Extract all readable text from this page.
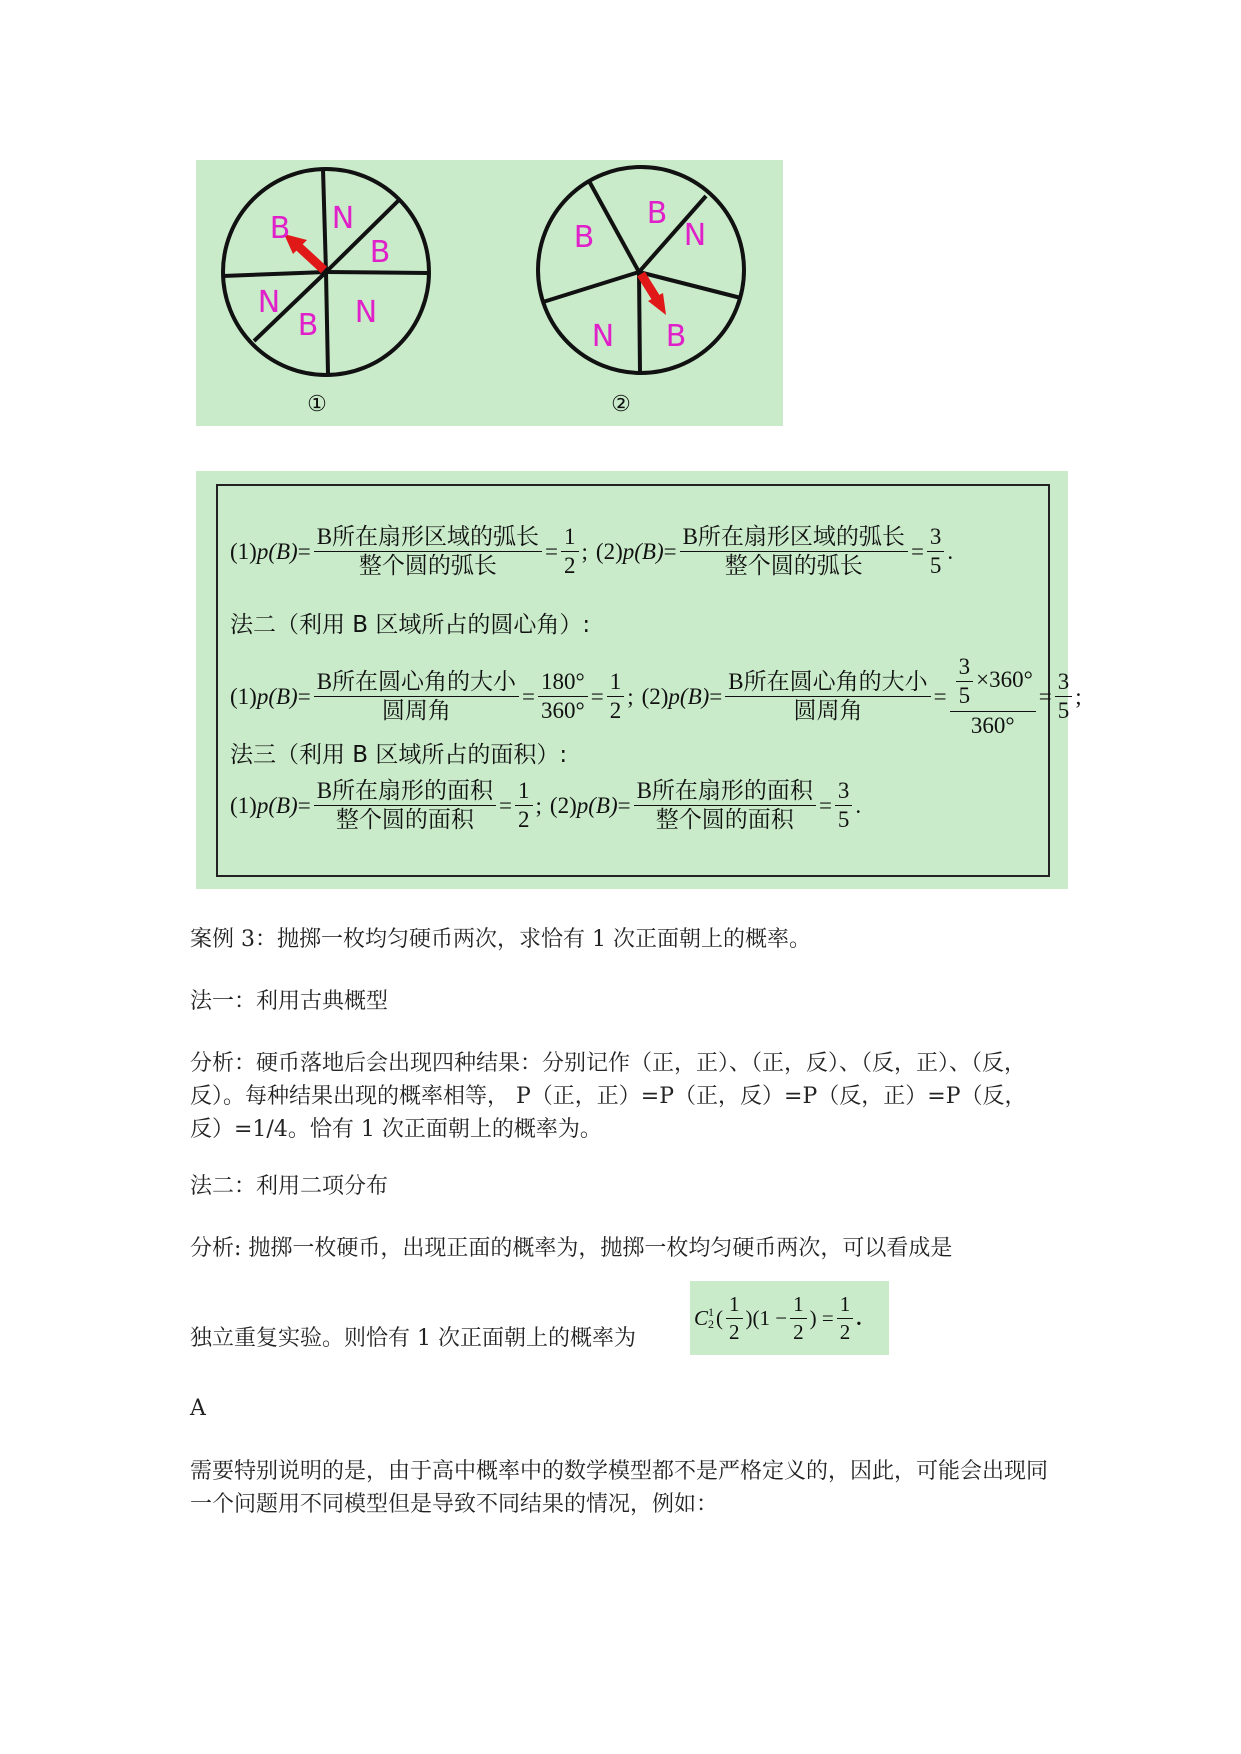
B N
B
N
B
N
B
N
B
N
B
①	②
(1) $p(B) = \frac{\text{B所在扇形区域的弧长}}{\text{整个圆的弧长}} = \frac{1}{2}$ ; (2) $p(B) = \frac{\text{B所在扇形区域的弧长}}{\text{整个圆的弧长}} = \frac{3}{5}$ .
法二（利用 B 区域所占的圆心角）:
(1) $p(B) = \frac{\text{B所在圆心角的大小}}{\text{圆周角}} = \frac{180^\circ}{360^\circ} = \frac{1}{2}$ ; (2) $p(B) = \frac{\text{B所在圆心角的大小}}{\text{圆周角}} = \frac{\frac{3}{5} \times 360^\circ}{360^\circ} = \frac{3}{5}$ ;
法三（利用 B 区域所占的面积）:
(1) $p(B) = \frac{\text{B所在扇形的面积}}{\text{整个圆的面积}} = \frac{1}{2}$ ; (2) $p(B) = \frac{\text{B所在扇形的面积}}{\text{整个圆的面积}} = \frac{3}{5}$ .
案例 3：抛掷一枚均匀硬币两次，求恰有 1 次正面朝上的概率。
法一：利用古典概型
分析：硬币落地后会出现四种结果：分别记作（正，正）、（正，反）、（反，正）、（反，反）。每种结果出现的概率相等， P（正，正）=P（正，反）=P（反，正）=P（反，反）=1/4。恰有 1 次正面朝上的概率为。
法二：利用二项分布
分析: 抛掷一枚硬币，出现正面的概率为，抛掷一枚均匀硬币两次，可以看成是
独立重复实验。则恰有 1 次正面朝上的概率为
C 1
2 ( $\frac{1}{2} )(1 - \frac{1}{2}$ ) = $\frac{1}{2}$ .
A
需要特别说明的是，由于高中概率中的数学模型都不是严格定义的，因此，可能会出现同一个问题用不同模型但是导致不同结果的情况，例如：
